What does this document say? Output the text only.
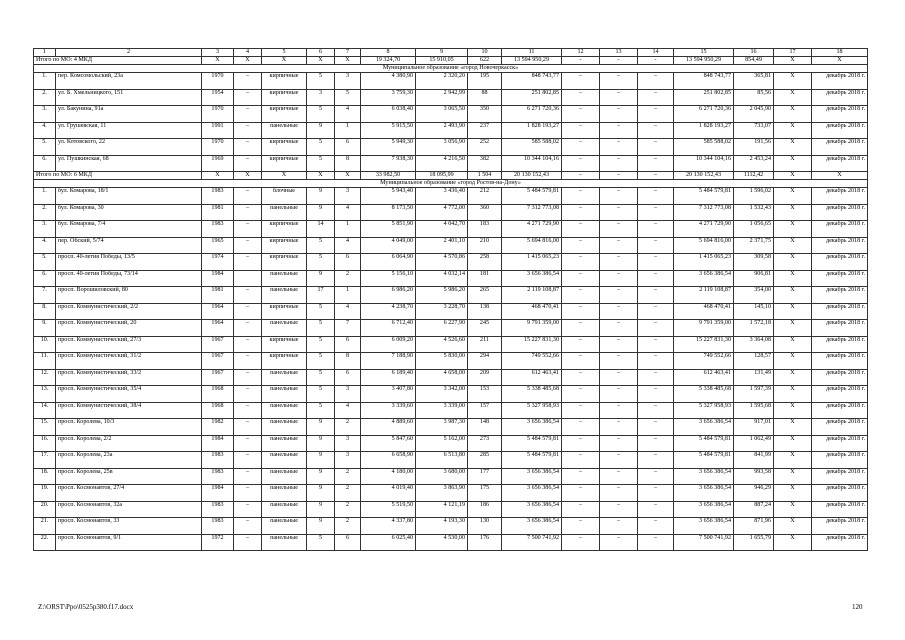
1	2	3	4	5	6	7	8	9	10	11	12	13	14	15	16	17	18
Итого по МО: 4 МКД		Х	Х	Х	Х	Х	19 324,70	15 910,05	622	13 594 950,29	-	-	-	13 594 950,29	854,49	Х	Х
Муниципальное образование «город Новочеркасск»																	
1.	пер. Комсомольский, 23а	1970	–	кирпичные	5	3	4 380,90	2 320,20	195	848 743,77	–	–	–	848 743,77	365,81	Х	декабрь 2018 г.
2.	ул. Б. Хмельницкого, 151	1954	–	кирпичные	3	5	3 759,30	2 942,99	88	251 802,85	–	–	–	251 802,85	85,56	Х	декабрь 2018 г.
3.	ул. Бакунина, 91а	1970	–	кирпичные	5	4	6 038,40	3 065,50	350	6 271 720,36	–	–	–	6 271 720,36	2 045,90	Х	декабрь 2018 г.
4.	ул. Грушевская, 11	1991	–	панельные	9	1	5 915,50	2 493,90	237	1 828 193,27	–	–	–	1 828 193,27	733,07	Х	декабрь 2018 г.
5.	ул. Котовского, 22	1970	–	кирпичные	5	6	5 949,30	3 056,90	252	585 588,02	–	–	–	585 588,02	191,56	Х	декабрь 2018 г.
6.	ул. Пушкинская, 68	1969	–	кирпичные	5	8	7 938,30	4 216,50	382	10 344 104,16	–	–	–	10 344 104,16	2 453,24	Х	декабрь 2018 г.
Итого по МО: 6 МКД		Х	Х	Х	Х	Х	33 982,50	18 095,99	1 504	20 130 152,43	–	–	–	20 130 152,43	1112,42	Х	Х
Муниципальное образование «город Ростов-на-Дону»																	
1.	бул. Комарова, 18/1	1983	–	блочные	9	3	5 943,40	3 436,40	212	5 484 579,81	–	–	–	5 484 579,81	1 596,02	Х	декабрь 2018 г.
2.	бул. Комарова, 30	1981	–	панельные	9	4	8 173,50	4 772,00	360	7 312 773,08	–	–	–	7 312 773,08	1 532,43	Х	декабрь 2018 г.
3.	бул. Комарова, 7/4	1983	–	кирпичные	14	1	5 851,90	4 042,70	183	4 271 729,90	–	–	–	4 271 729,90	1 056,65	Х	декабрь 2018 г.
4.	пер. Обский, 5/74	1965	–	кирпичные	5	4	4 049,00	2 401,10	210	5 694 816,00	–	–	–	5 694 816,00	2 371,75	Х	декабрь 2018 г.
5.	просп. 40-летия Победы, 13/5	1974	–	кирпичные	5	6	6 064,90	4 570,86	258	1 415 065,23	–	–	–	1 415 065,23	309,58	Х	декабрь 2018 г.
6.	просп. 40-летия Победы, 73/14	1984		панельные	9	2	5 156,10	4 032,14	181	3 656 386,54	–	–	–	3 656 386,54	906,81	Х	декабрь 2018 г.
7.	просп. Ворошиловский, 80	1981	–	панельные	17	1	6 986,20	5 986,20	265	2 119 108,87	–	–	–	2 119 108,87	354,00	Х	декабрь 2018 г.
8.	просп. Коммунистический, 2/2	1964	–	кирпичные	5	4	4 238,70	3 228,70	138	468 470,41	–	–	–	468 470,41	145,10	Х	декабрь 2018 г.
9.	просп. Коммунистический, 20	1964	–	панельные	5	7	6 712,40	6 227,90	245	9 791 359,00	–	–	–	9 791 359,00	1 572,18	Х	декабрь 2018 г.
10.	просп. Коммунистический, 27/3	1967	–	кирпичные	5	6	6 009,20	4 526,60	211	15 227 831,30	–	–	–	15 227 831,30	3 364,08	Х	декабрь 2018 г.
11.	просп. Коммунистический, 31/2	1967	–	кирпичные	5	8	7 188,90	5 830,00	294	749 552,66	–	–	–	749 552,66	128,57	Х	декабрь 2018 г.
12.	просп. Коммунистический, 33/2	1967	–	панельные	5	6	6 189,40	4 658,00	209	612 463,41	–	–	–	612 463,41	131,49	Х	декабрь 2018 г.
13.	просп. Коммунистический, 35/4	1968	–	панельные	5	3	3 407,80	3 342,00	153	5 338 485,68	–	–	–	5 338 485,68	1 597,39	Х	декабрь 2018 г.
14.	просп. Коммунистический, 38/4	1968	–	панельные	5	4	3 339,60	3 339,00	157	5 327 958,93	–	–	–	5 327 958,93	1 595,68	Х	декабрь 2018 г.
15.	просп. Королева, 10/3	1982	–	панельные	9	2	4 889,60	3 987,30	148	3 656 386,54	–	–	–	3 656 386,54	917,01	Х	декабрь 2018 г.
16.	просп. Королева, 2/2	1984	–	панельные	9	3	5 847,60	5 162,00	273	5 484 579,81	–	–	–	5 484 579,81	1 062,49	Х	декабрь 2018 г.
17.	просп. Королева, 23а	1983	–	панельные	9	3	6 658,90	6 513,80	285	5 484 579,81	–	–	–	5 484 579,81	841,99	Х	декабрь 2018 г.
18.	просп. Королева, 25в	1983	–	панельные	9	2	4 180,00	3 680,00	177	3 656 386,54	–	–	–	3 656 386,54	993,58	Х	декабрь 2018 г.
19.	просп. Космонавтов, 27/4	1984	–	панельные	9	2	4 019,40	3 863,90	175	3 656 386,54	–	–	–	3 656 386,54	946,29	Х	декабрь 2018 г.
20.	просп. Космонавтов, 32а	1983	–	панельные	9	2	5 519,50	4 121,19	186	3 656 386,54	–	–	–	3 656 386,54	887,24	Х	декабрь 2018 г.
21.	просп. Космонавтов, 33	1983	–	панельные	9	2	4 337,80	4 193,30	130	3 656 386,54	–	–	–	3 656 386,54	871,96	Х	декабрь 2018 г.
22.	просп. Космонавтов, 9/1	1972	–	панельные	5	6	6 025,40	4 530,00	176	7 500 741,92	–	–	–	7 500 741,92	1 655,79	Х	декабрь 2018 г.
Z:\ORST\Ppo\0525p380.f17.docx	120
